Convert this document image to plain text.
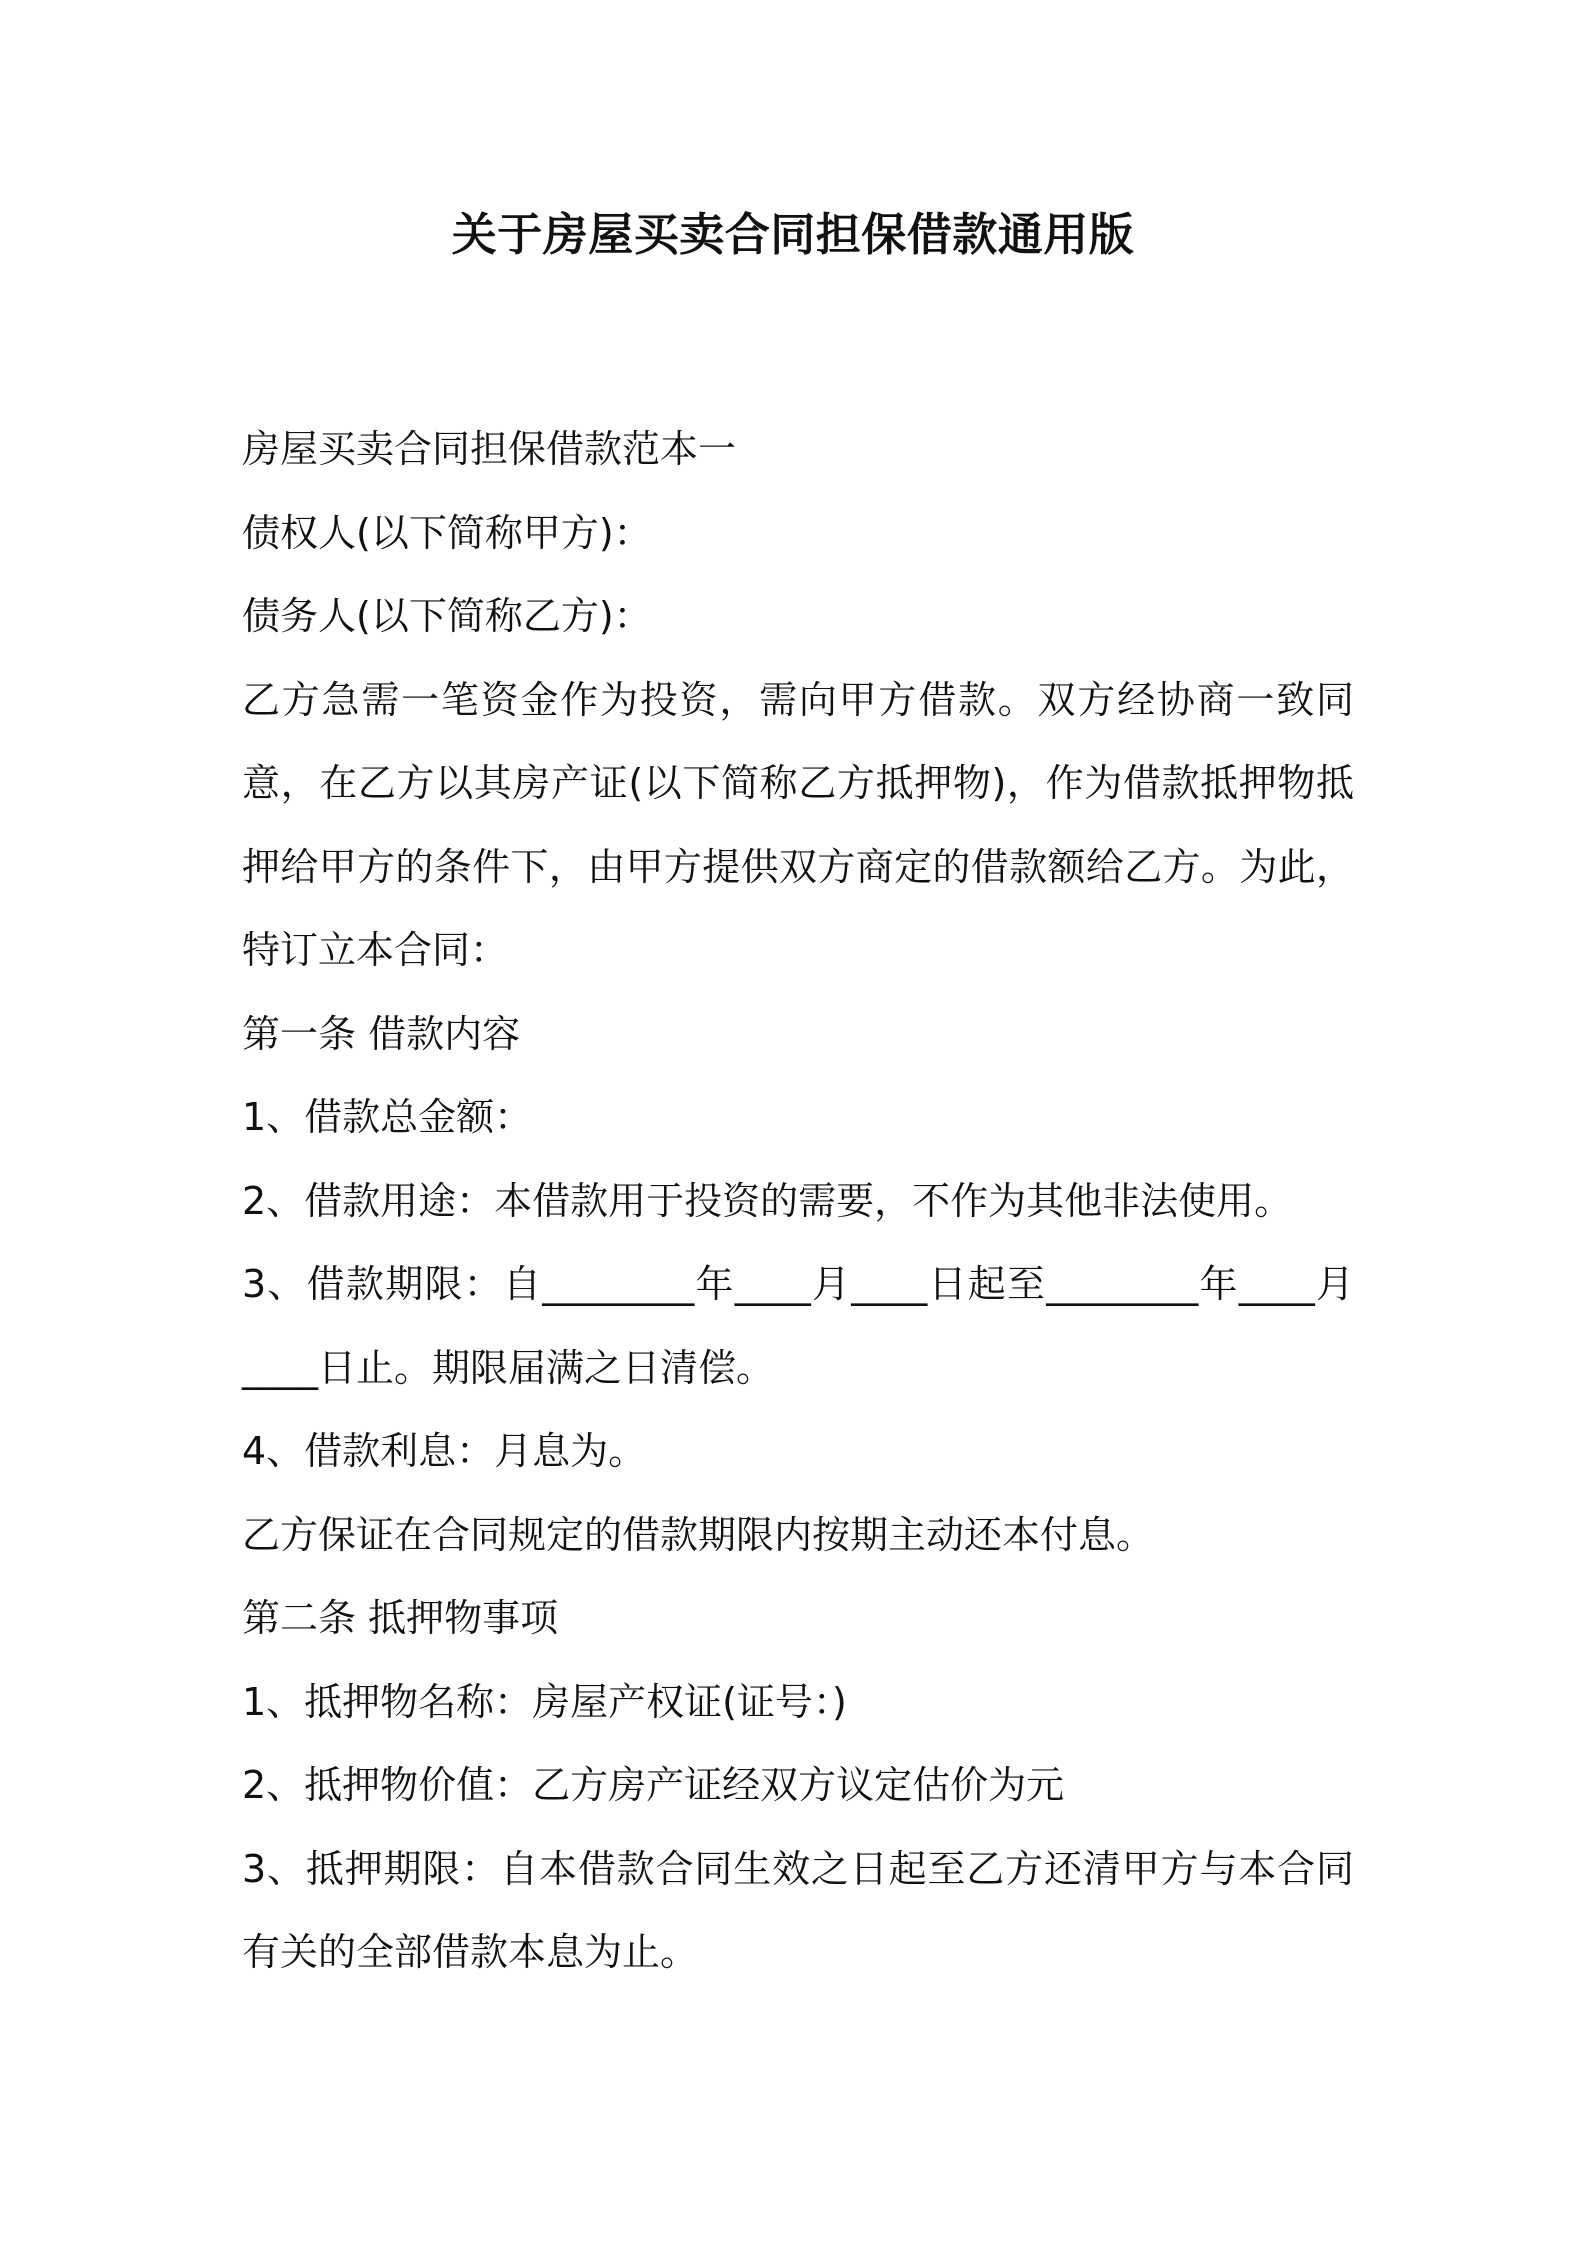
关于房屋买卖合同担保借款通用版

房屋买卖合同担保借款范本一

债权人(以下简称甲方)：

债务人(以下简称乙方)：

乙方急需一笔资金作为投资，需向甲方借款。双方经协商一致同意，在乙方以其房产证(以下简称乙方抵押物)，作为借款抵押物抵押给甲方的条件下，由甲方提供双方商定的借款额给乙方。为此，特订立本合同：

第一条 借款内容

1、借款总金额：

2、借款用途：本借款用于投资的需要，不作为其他非法使用。

3、借款期限：自________年____月____日起至________年____月____日止。期限届满之日清偿。

4、借款利息：月息为。

乙方保证在合同规定的借款期限内按期主动还本付息。

第二条 抵押物事项

1、抵押物名称：房屋产权证(证号：)

2、抵押物价值：乙方房产证经双方议定估价为元

3、抵押期限：自本借款合同生效之日起至乙方还清甲方与本合同有关的全部借款本息为止。
